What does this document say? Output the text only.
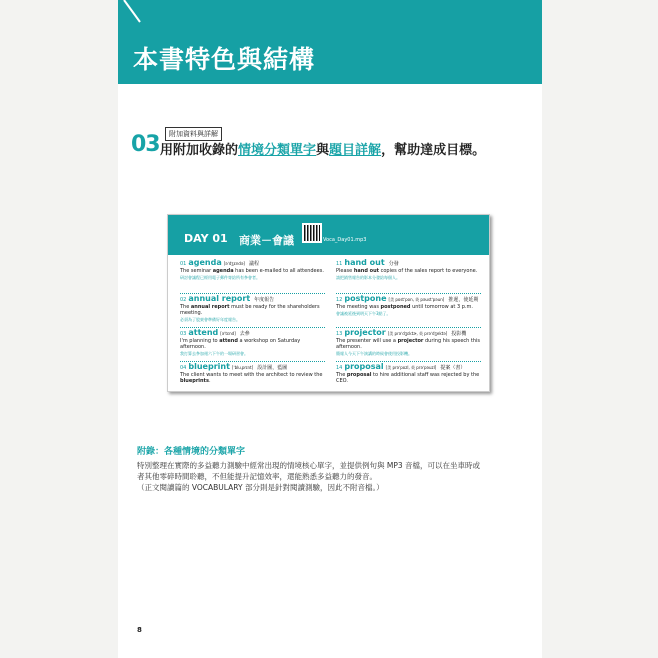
本書特色與結構
附加資料與詳解
03 用附加收錄的情境分類單字與題目詳解，幫助達成目標。
DAY 01 商業－會議	Voca_Day01.mp3
01 agenda [əˈdʒɛndə] 議程
The seminar agenda has been e-mailed to all attendees.
研討會議程已經用電子郵件寄給所有參會者。
02 annual report 年度報告
The annual report must be ready for the shareholders meeting.
必須為了股東會準備好年度報告。
03 attend [əˈtɛnd] 去參
I'm planning to attend a workshop on Saturday afternoon.
我打算去參加週六下午的一場研習會。
04 blueprint [ˈbluˌprɪnt] 設計圖，藍圖
The client wants to meet with the architect to review the blueprints.
11 hand out 分發
Please hand out copies of the sales report to everyone.
請把銷售報告的影本分發給每個人。
12 postpone [美 postˈpon, 英 pəustˈpəun] 推遲，使延期
The meeting was postponed until tomorrow at 3 p.m.
會議被延後到明天下午3點了。
13 projector [美 prəˈdʒɛktɚ, 英 prəˈdʒektə] 投影機
The presenter will use a projector during his speech this afternoon.
簡報人今天下午演講的時候會使用投影機。
14 proposal [美 prəˈpozl, 英 prəˈpəuzl] 提案（書）
The proposal to hire additional staff was rejected by the CEO.
附錄：各種情境的分類單字
特別整理在實際的多益聽力測驗中經常出現的情境核心單字，並提供例句與 MP3 音檔，可以在坐車時或
者其他零碎時間聆聽，不但能提升記憶效率，還能熟悉多益聽力的發音。
（正文閱讀篇的 VOCABULARY 部分則是針對閱讀測驗，因此不附音檔。）
8
